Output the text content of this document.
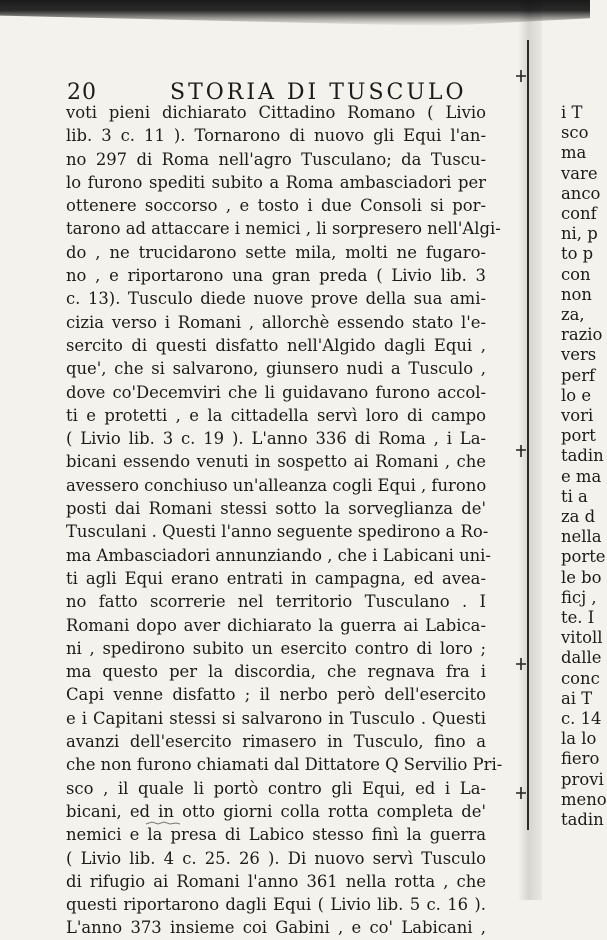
20	STORIA DI TUSCULO
voti pieni dichiarato Cittadino Romano ( Livio
lib. 3 c. 11 ). Tornarono di nuovo gli Equi l'an-
no 297 di Roma nell'agro Tusculano; da Tuscu-
lo furono spediti subito a Roma ambasciadori per
ottenere soccorso , e tosto i due Consoli si por-
tarono ad attaccare i nemici , li sorpresero nell'Algi-
do , ne trucidarono sette mila, molti ne fugaro-
no , e riportarono una gran preda ( Livio lib. 3
c. 13). Tusculo diede nuove prove della sua ami-
cizia verso i Romani , allorchè essendo stato l'e-
sercito di questi disfatto nell'Algido dagli Equi ,
que', che si salvarono, giunsero nudi a Tusculo ,
dove co'Decemviri che li guidavano furono accol-
ti e protetti , e la cittadella servì loro di campo
( Livio lib. 3 c. 19 ). L'anno 336 di Roma , i La-
bicani essendo venuti in sospetto ai Romani , che
avessero conchiuso un'alleanza cogli Equi , furono
posti dai Romani stessi sotto la sorveglianza de'
Tusculani . Questi l'anno seguente spedirono a Ro-
ma Ambasciadori annunziando , che i Labicani uni-
ti agli Equi erano entrati in campagna, ed avea-
no fatto scorrerie nel territorio Tusculano . I
Romani dopo aver dichiarato la guerra ai Labica-
ni , spedirono subito un esercito contro di loro ;
ma questo per la discordia, che regnava fra i
Capi venne disfatto ; il nerbo però dell'esercito
e i Capitani stessi si salvarono in Tusculo . Questi
avanzi dell'esercito rimasero in Tusculo, fino a
che non furono chiamati dal Dittatore Q Servilio Pri-
sco , il quale li portò contro gli Equi, ed i La-
bicani, ed in otto giorni colla rotta completa de'
nemici e la presa di Labico stesso finì la guerra
( Livio lib. 4 c. 25. 26 ). Di nuovo servì Tusculo
di rifugio ai Romani l'anno 361 nella rotta , che
questi riportarono dagli Equi ( Livio lib. 5 c. 16 ).
L'anno 373 insieme coi Gabini , e co' Labicani ,
i T
sco
ma
vare
anco
conf
ni, p
to p
con
non
za,
razio
vers
perf
lo e
vori
port
tadin
e ma
ti a
za d
nella
porte
le bo
ficj ,
te. I
vitoll
dalle
conc
ai T
c. 14
la lo
fiero
provi
meno
tadin
